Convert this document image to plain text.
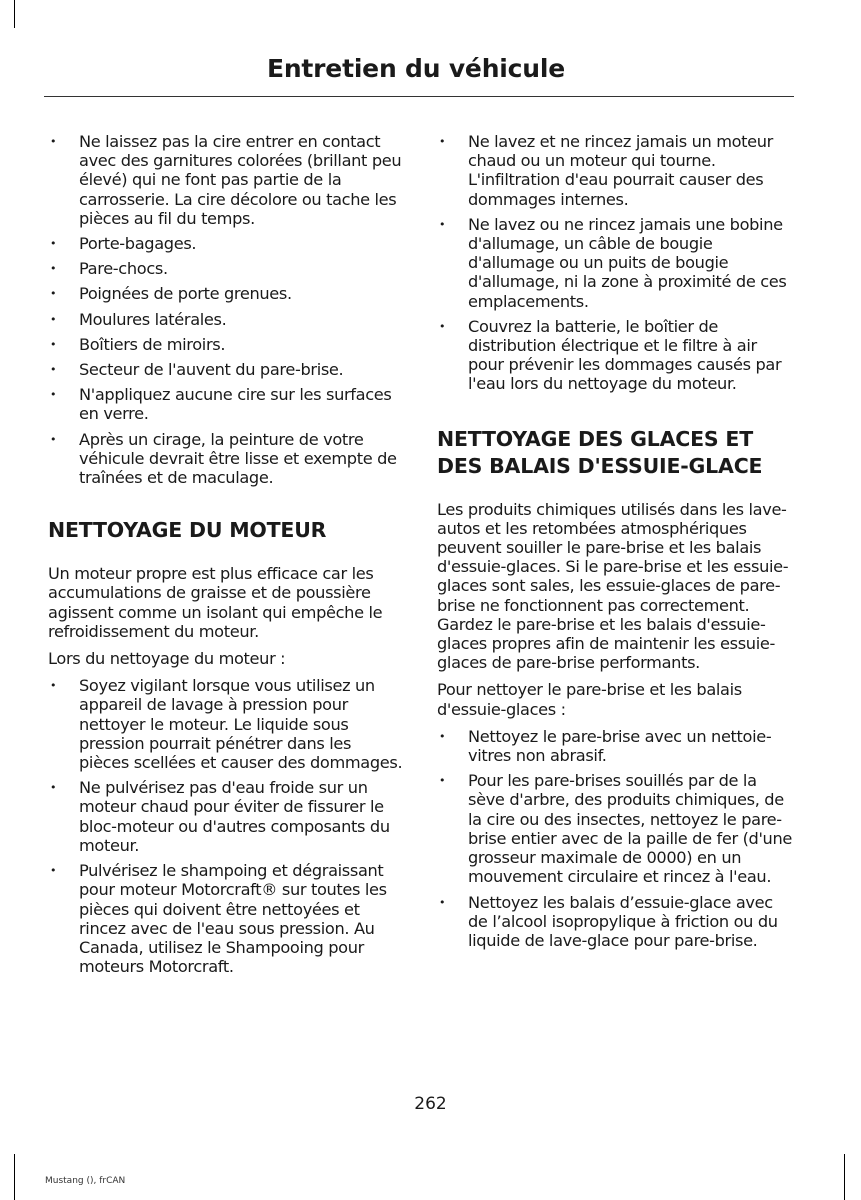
Entretien du véhicule
• Ne laissez pas la cire entrer en contact avec des garnitures colorées (brillant peu élevé) qui ne font pas partie de la carrosserie. La cire décolore ou tache les pièces au fil du temps.
• Porte-bagages.
• Pare-chocs.
• Poignées de porte grenues.
• Moulures latérales.
• Boîtiers de miroirs.
• Secteur de l'auvent du pare-brise.
• N'appliquez aucune cire sur les surfaces en verre.
• Après un cirage, la peinture de votre véhicule devrait être lisse et exempte de traînées et de maculage.
NETTOYAGE DU MOTEUR

Un moteur propre est plus efficace car les accumulations de graisse et de poussière agissent comme un isolant qui empêche le refroidissement du moteur.

Lors du nettoyage du moteur :

• Soyez vigilant lorsque vous utilisez un appareil de lavage à pression pour nettoyer le moteur. Le liquide sous pression pourrait pénétrer dans les pièces scellées et causer des dommages.
• Ne pulvérisez pas d'eau froide sur un moteur chaud pour éviter de fissurer le bloc-moteur ou d'autres composants du moteur.
• Pulvérisez le shampoing et dégraissant pour moteur Motorcraft® sur toutes les pièces qui doivent être nettoyées et rincez avec de l'eau sous pression. Au Canada, utilisez le Shampooing pour moteurs Motorcraft.
• Ne lavez et ne rincez jamais un moteur chaud ou un moteur qui tourne. L'infiltration d'eau pourrait causer des dommages internes.
• Ne lavez ou ne rincez jamais une bobine d'allumage, un câble de bougie d'allumage ou un puits de bougie d'allumage, ni la zone à proximité de ces emplacements.
• Couvrez la batterie, le boîtier de distribution électrique et le filtre à air pour prévenir les dommages causés par l'eau lors du nettoyage du moteur.
NETTOYAGE DES GLACES ET DES BALAIS D'ESSUIE-GLACE

Les produits chimiques utilisés dans les lave-autos et les retombées atmosphériques peuvent souiller le pare-brise et les balais d'essuie-glaces. Si le pare-brise et les essuie-glaces sont sales, les essuie-glaces de pare-brise ne fonctionnent pas correctement. Gardez le pare-brise et les balais d'essuie-glaces propres afin de maintenir les essuie-glaces de pare-brise performants.

Pour nettoyer le pare-brise et les balais d'essuie-glaces :

• Nettoyez le pare-brise avec un nettoie-vitres non abrasif.
• Pour les pare-brises souillés par de la sève d'arbre, des produits chimiques, de la cire ou des insectes, nettoyez le pare-brise entier avec de la paille de fer (d'une grosseur maximale de 0000) en un mouvement circulaire et rincez à l'eau.
• Nettoyez les balais d’essuie-glace avec de l’alcool isopropylique à friction ou du liquide de lave-glace pour pare-brise.
262
Mustang (), frCAN
